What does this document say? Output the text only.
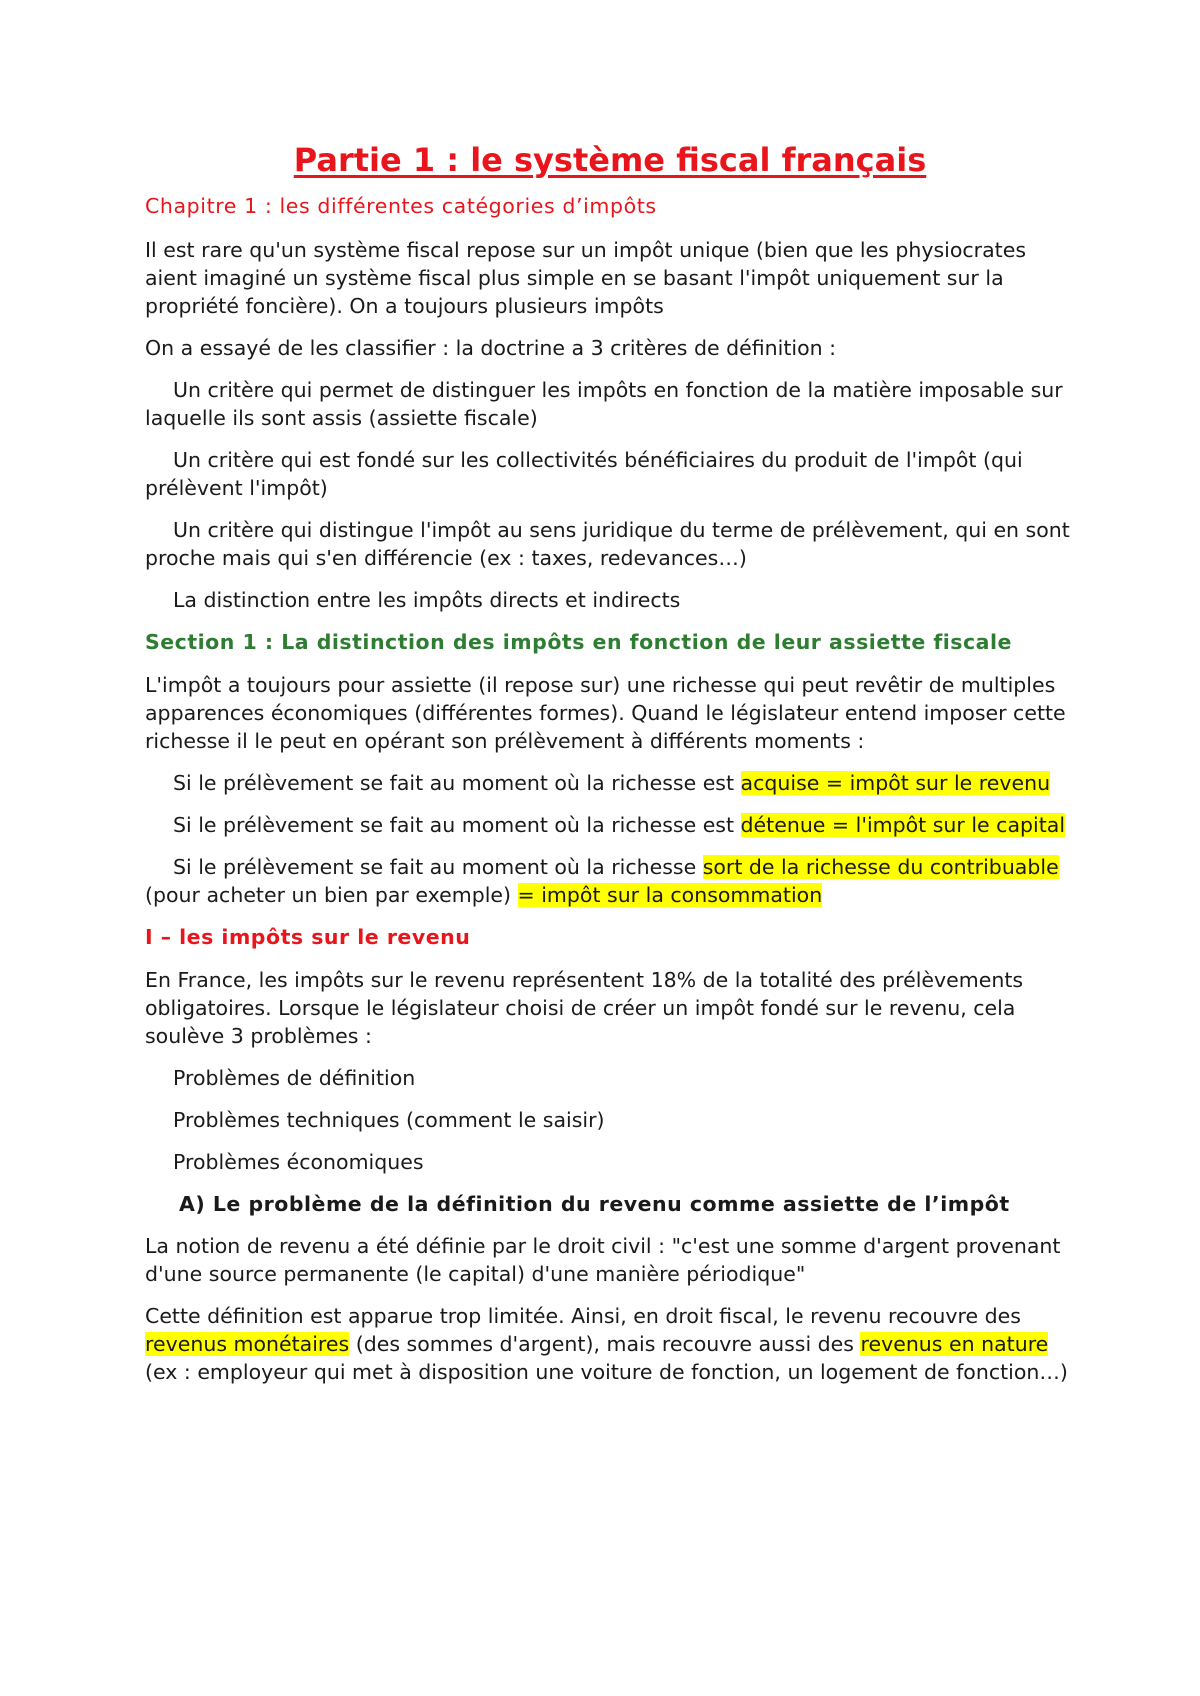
Partie 1 : le système fiscal français
Chapitre 1 : les différentes catégories d’impôts

Il est rare qu'un système fiscal repose sur un impôt unique (bien que les physiocrates aient imaginé un système fiscal plus simple en se basant l'impôt uniquement sur la propriété foncière). On a toujours plusieurs impôts

On a essayé de les classifier : la doctrine a 3 critères de définition :

Un critère qui permet de distinguer les impôts en fonction de la matière imposable sur laquelle ils sont assis (assiette fiscale)

Un critère qui est fondé sur les collectivités bénéficiaires du produit de l'impôt (qui prélèvent l'impôt)

Un critère qui distingue l'impôt au sens juridique du terme de prélèvement, qui en sont proche mais qui s'en différencie (ex : taxes, redevances…)

La distinction entre les impôts directs et indirects

Section 1 : La distinction des impôts en fonction de leur assiette fiscale

L'impôt a toujours pour assiette (il repose sur) une richesse qui peut revêtir de multiples apparences économiques (différentes formes). Quand le législateur entend imposer cette richesse il le peut en opérant son prélèvement à différents moments :

Si le prélèvement se fait au moment où la richesse est acquise = impôt sur le revenu

Si le prélèvement se fait au moment où la richesse est détenue = l'impôt sur le capital

Si le prélèvement se fait au moment où la richesse sort de la richesse du contribuable (pour acheter un bien par exemple) = impôt sur la consommation

I – les impôts sur le revenu

En France, les impôts sur le revenu représentent 18% de la totalité des prélèvements obligatoires. Lorsque le législateur choisi de créer un impôt fondé sur le revenu, cela soulève 3 problèmes :

Problèmes de définition

Problèmes techniques (comment le saisir)

Problèmes économiques

A) Le problème de la définition du revenu comme assiette de l’impôt

La notion de revenu a été définie par le droit civil : "c'est une somme d'argent provenant d'une source permanente (le capital) d'une manière périodique"

Cette définition est apparue trop limitée. Ainsi, en droit fiscal, le revenu recouvre des revenus monétaires (des sommes d'argent), mais recouvre aussi des revenus en nature (ex : employeur qui met à disposition une voiture de fonction, un logement de fonction…)
